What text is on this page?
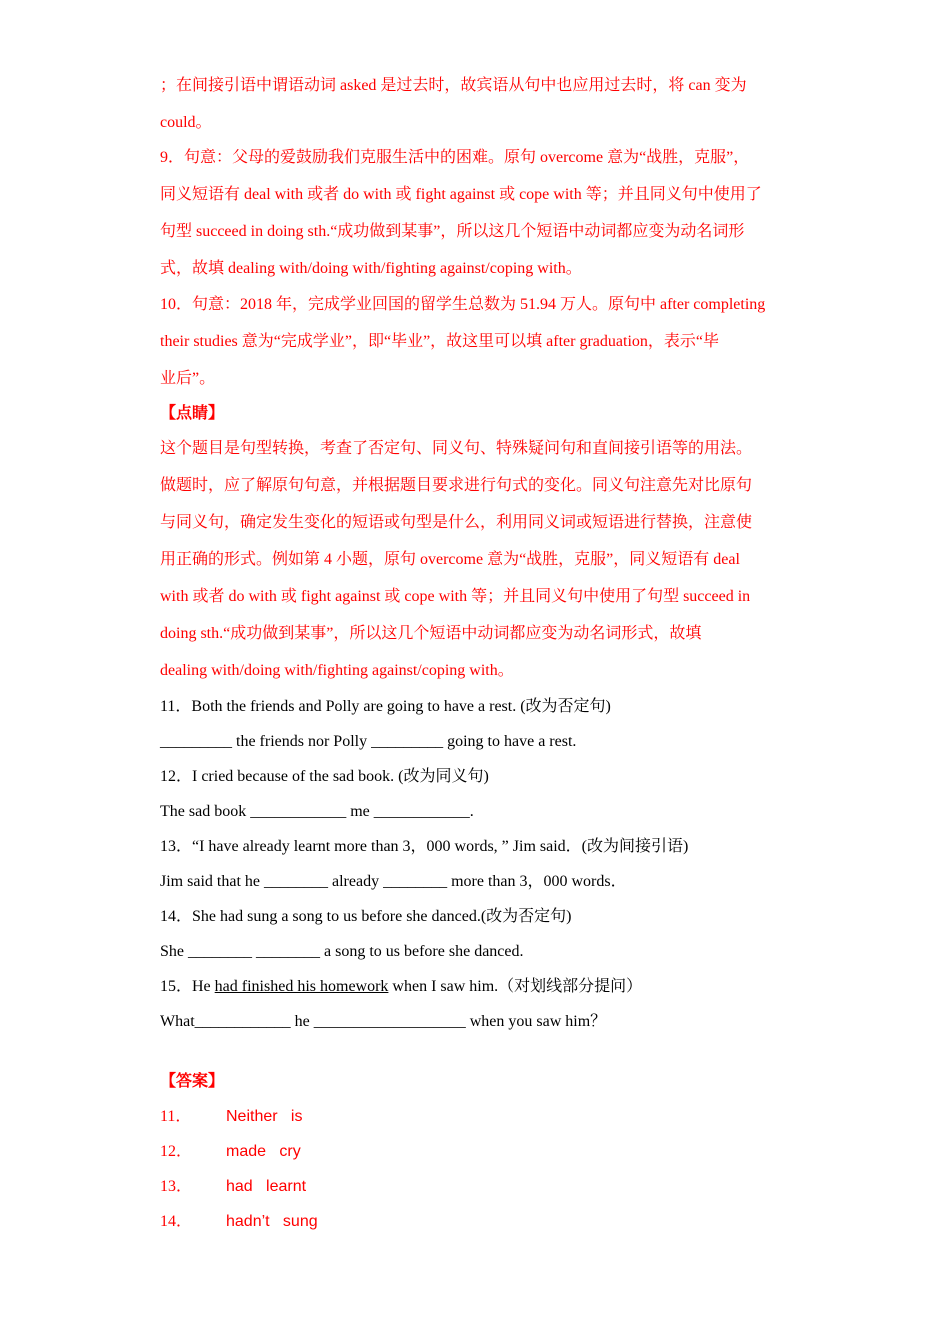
；在间接引语中谓语动词 asked 是过去时，故宾语从句中也应用过去时，将 can 变为
could。
9．句意：父母的爱鼓励我们克服生活中的困难。原句 overcome 意为“战胜，克服”，
同义短语有 deal with 或者 do with 或 fight against 或 cope with 等；并且同义句中使用了
句型 succeed in doing sth.“成功做到某事”，所以这几个短语中动词都应变为动名词形
式，故填 dealing with/doing with/fighting against/coping with。
10．句意：2018 年，完成学业回国的留学生总数为 51.94 万人。原句中 after completing
their studies 意为“完成学业”，即“毕业”，故这里可以填 after graduation，表示“毕
业后”。
【点睛】
这个题目是句型转换，考查了否定句、同义句、特殊疑问句和直间接引语等的用法。
做题时，应了解原句句意，并根据题目要求进行句式的变化。同义句注意先对比原句
与同义句，确定发生变化的短语或句型是什么，利用同义词或短语进行替换，注意使
用正确的形式。例如第 4 小题，原句 overcome 意为“战胜，克服”，同义短语有 deal
with 或者 do with 或 fight against 或 cope with 等；并且同义句中使用了句型 succeed in
doing sth.“成功做到某事”，所以这几个短语中动词都应变为动名词形式，故填
dealing with/doing with/fighting against/coping with。
11．Both the friends and Polly are going to have a rest. (改为否定句)
_________ the friends nor Polly _________ going to have a rest.
12．I cried because of the sad book. (改为同义句)
The sad book ____________ me ____________.
13．“I have already learnt more than 3，000 words, ” Jim said．(改为间接引语)
Jim said that he ________ already ________ more than 3，000 words．
14．She had sung a song to us before she danced.(改为否定句)
She ________ ________ a song to us before she danced.
15．He had finished his homework when I saw him.（对划线部分提问）
What____________ he ___________________ when you saw him？
【答案】
11． Neither   is
12． made   cry
13． had   learnt
14． hadn’t   sung
